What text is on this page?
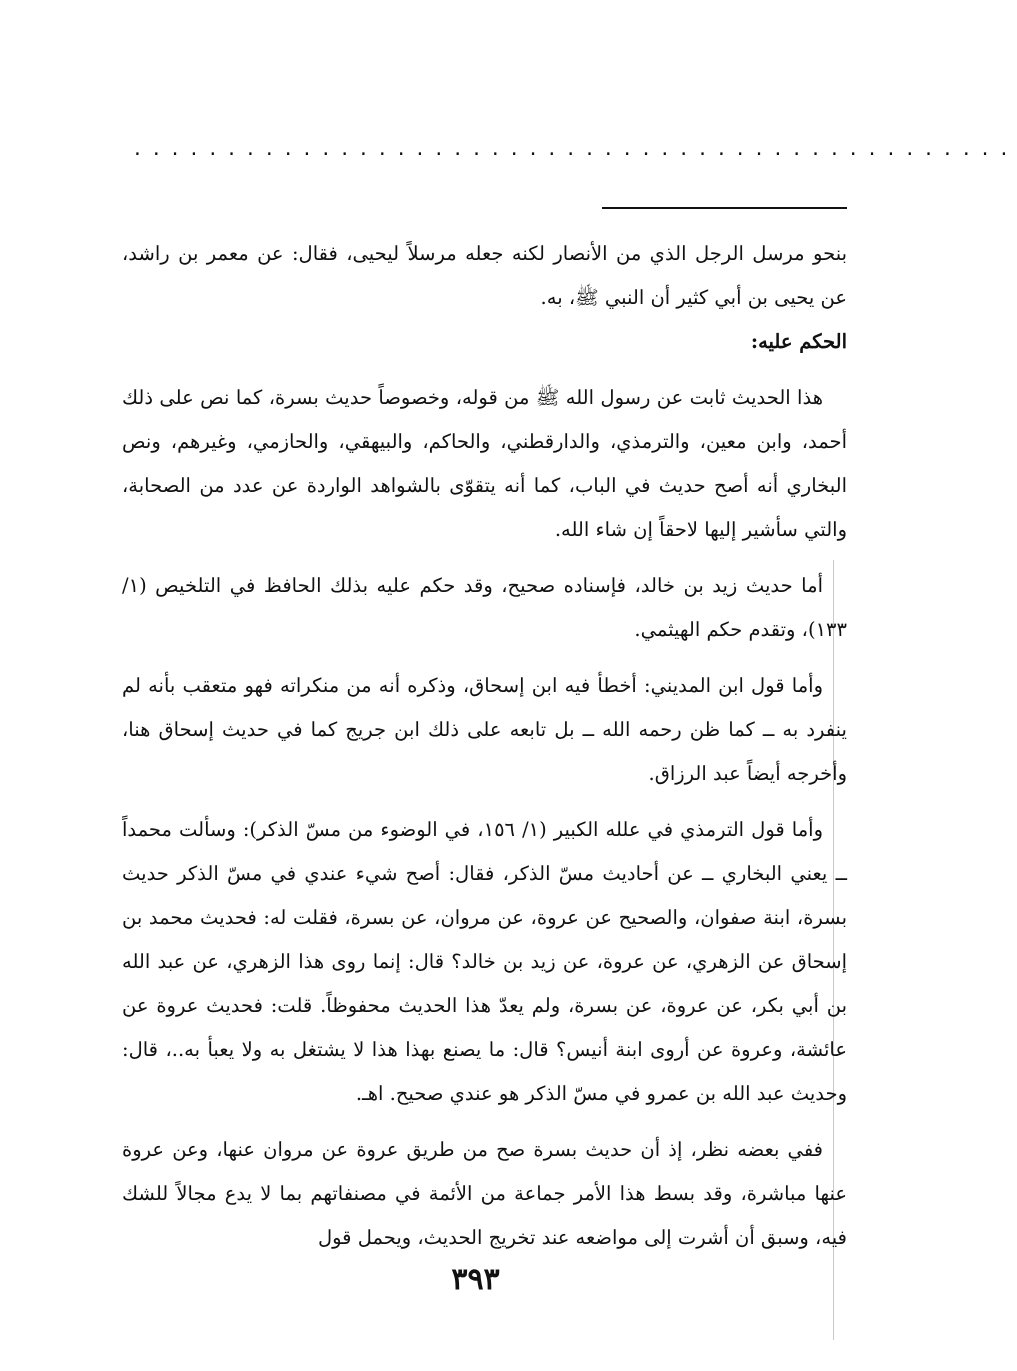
...............................................

بنحو مرسل الرجل الذي من الأنصار لكنه جعله مرسلاً ليحيى، فقال: عن معمر بن راشد، عن يحيى بن أبي كثير أن النبي ﷺ، به.

الحكم عليه:

هذا الحديث ثابت عن رسول الله ﷺ من قوله، وخصوصاً حديث بسرة، كما نص على ذلك أحمد، وابن معين، والترمذي، والدارقطني، والحاكم، والبيهقي، والحازمي، وغيرهم، ونص البخاري أنه أصح حديث في الباب، كما أنه يتقوّى بالشواهد الواردة عن عدد من الصحابة، والتي سأشير إليها لاحقاً إن شاء الله.

أما حديث زيد بن خالد، فإسناده صحيح، وقد حكم عليه بذلك الحافظ في التلخيص (١/ ١٣٣)، وتقدم حكم الهيثمي.

وأما قول ابن المديني: أخطأ فيه ابن إسحاق، وذكره أنه من منكراته فهو متعقب بأنه لم ينفرد به ــ كما ظن رحمه الله ــ بل تابعه على ذلك ابن جريج كما في حديث إسحاق هنا، وأخرجه أيضاً عبد الرزاق.

وأما قول الترمذي في علله الكبير (١/ ١٥٦، في الوضوء من مسّ الذكر): وسألت محمداً ــ يعني البخاري ــ عن أحاديث مسّ الذكر، فقال: أصح شيء عندي في مسّ الذكر حديث بسرة، ابنة صفوان، والصحيح عن عروة، عن مروان، عن بسرة، فقلت له: فحديث محمد بن إسحاق عن الزهري، عن عروة، عن زيد بن خالد؟ قال: إنما روى هذا الزهري، عن عبد الله بن أبي بكر، عن عروة، عن بسرة، ولم يعدّ هذا الحديث محفوظاً. قلت: فحديث عروة عن عائشة، وعروة عن أروى ابنة أنيس؟ قال: ما يصنع بهذا هذا لا يشتغل به ولا يعبأ به..، قال: وحديث عبد الله بن عمرو في مسّ الذكر هو عندي صحيح. اهـ.

ففي بعضه نظر، إذ أن حديث بسرة صح من طريق عروة عن مروان عنها، وعن عروة عنها مباشرة، وقد بسط هذا الأمر جماعة من الأئمة في مصنفاتهم بما لا يدع مجالاً للشك فيه، وسبق أن أشرت إلى مواضعه عند تخريج الحديث، ويحمل قول

٣٩٣
